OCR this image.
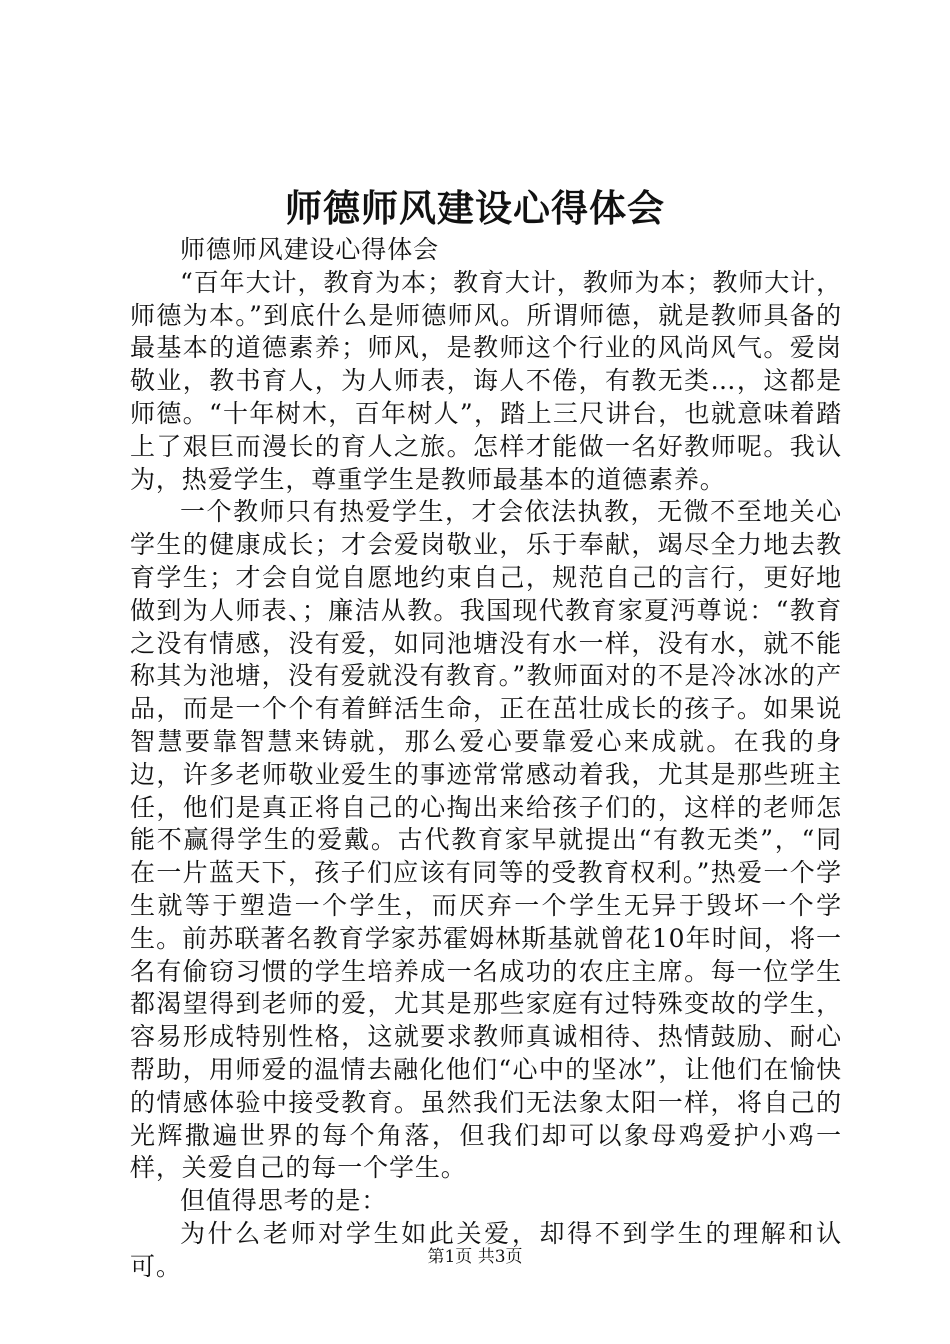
师德师风建设心得体会

师德师风建设心得体会

“百年大计，教育为本；教育大计，教师为本；教师大计，师德为本。”到底什么是师德师风。所谓师德，就是教师具备的最基本的道德素养；师风，是教师这个行业的风尚风气。爱岗敬业，教书育人，为人师表，诲人不倦，有教无类…，这都是师德。“十年树木，百年树人”，踏上三尺讲台，也就意味着踏上了艰巨而漫长的育人之旅。怎样才能做一名好教师呢。我认为，热爱学生，尊重学生是教师最基本的道德素养。

一个教师只有热爱学生，才会依法执教，无微不至地关心学生的健康成长；才会爱岗敬业，乐于奉献，竭尽全力地去教育学生；才会自觉自愿地约束自己，规范自己的言行，更好地做到为人师表、；廉洁从教。我国现代教育家夏沔尊说：“教育之没有情感，没有爱，如同池塘没有水一样，没有水，就不能称其为池塘，没有爱就没有教育。”教师面对的不是冷冰冰的产品，而是一个个有着鲜活生命，正在茁壮成长的孩子。如果说智慧要靠智慧来铸就，那么爱心要靠爱心来成就。在我的身边，许多老师敬业爱生的事迹常常感动着我，尤其是那些班主任，他们是真正将自己的心掏出来给孩子们的，这样的老师怎能不赢得学生的爱戴。古代教育家早就提出“有教无类”，“同在一片蓝天下，孩子们应该有同等的受教育权利。”热爱一个学生就等于塑造一个学生，而厌弃一个学生无异于毁坏一个学生。前苏联著名教育学家苏霍姆林斯基就曾花10年时间，将一名有偷窃习惯的学生培养成一名成功的农庄主席。每一位学生都渴望得到老师的爱，尤其是那些家庭有过特殊变故的学生，容易形成特别性格，这就要求教师真诚相待、热情鼓励、耐心帮助，用师爱的温情去融化他们“心中的坚冰”，让他们在愉快的情感体验中接受教育。虽然我们无法象太阳一样，将自己的光辉撒遍世界的每个角落，但我们却可以象母鸡爱护小鸡一样，关爱自己的每一个学生。

但值得思考的是：

为什么老师对学生如此关爱，却得不到学生的理解和认可。	第1页 共3页
